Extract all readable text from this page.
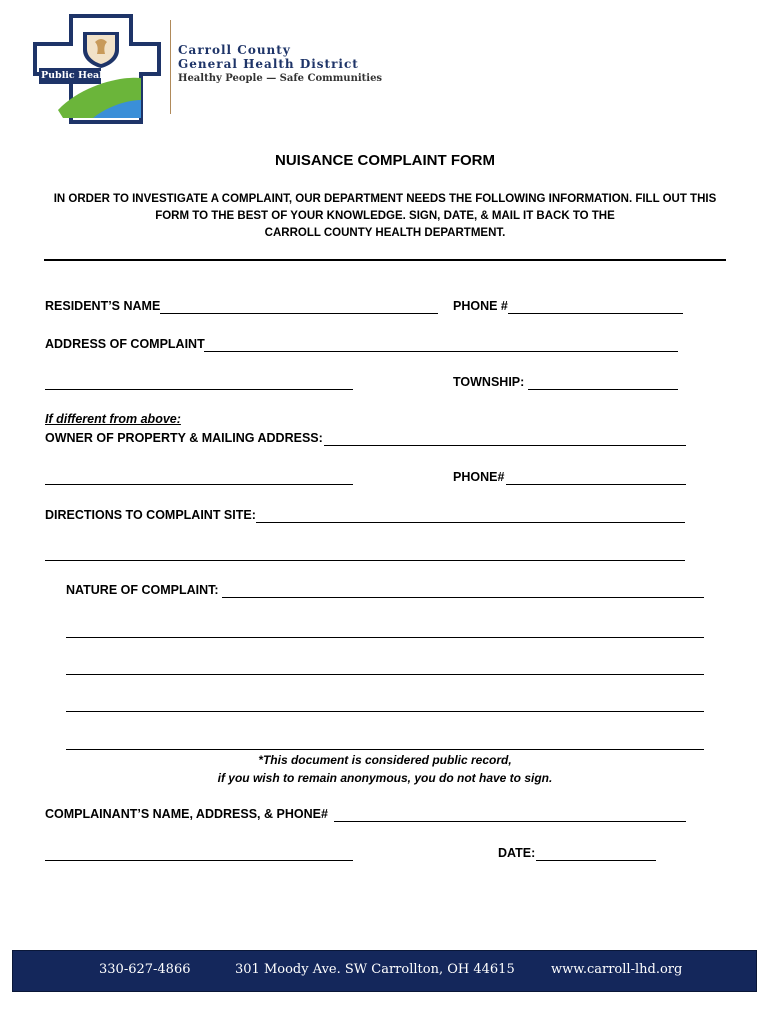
Public Health
Carroll County
General Health District
Healthy People — Safe Communities
NUISANCE COMPLAINT FORM
IN ORDER TO INVESTIGATE A COMPLAINT, OUR DEPARTMENT NEEDS THE FOLLOWING INFORMATION. FILL OUT THIS
FORM TO THE BEST OF YOUR KNOWLEDGE. SIGN, DATE, & MAIL IT BACK TO THE
CARROLL COUNTY HEALTH DEPARTMENT.
RESIDENT’S NAME	PHONE #
ADDRESS OF COMPLAINT
TOWNSHIP:
If different from above:
OWNER OF PROPERTY & MAILING ADDRESS:
PHONE#
DIRECTIONS TO COMPLAINT SITE:
NATURE OF COMPLAINT:
*This document is considered public record,
if you wish to remain anonymous, you do not have to sign.
COMPLAINANT’S NAME, ADDRESS, & PHONE#
DATE:
330-627-4866	301 Moody Ave. SW Carrollton, OH 44615	www.carroll-lhd.org
